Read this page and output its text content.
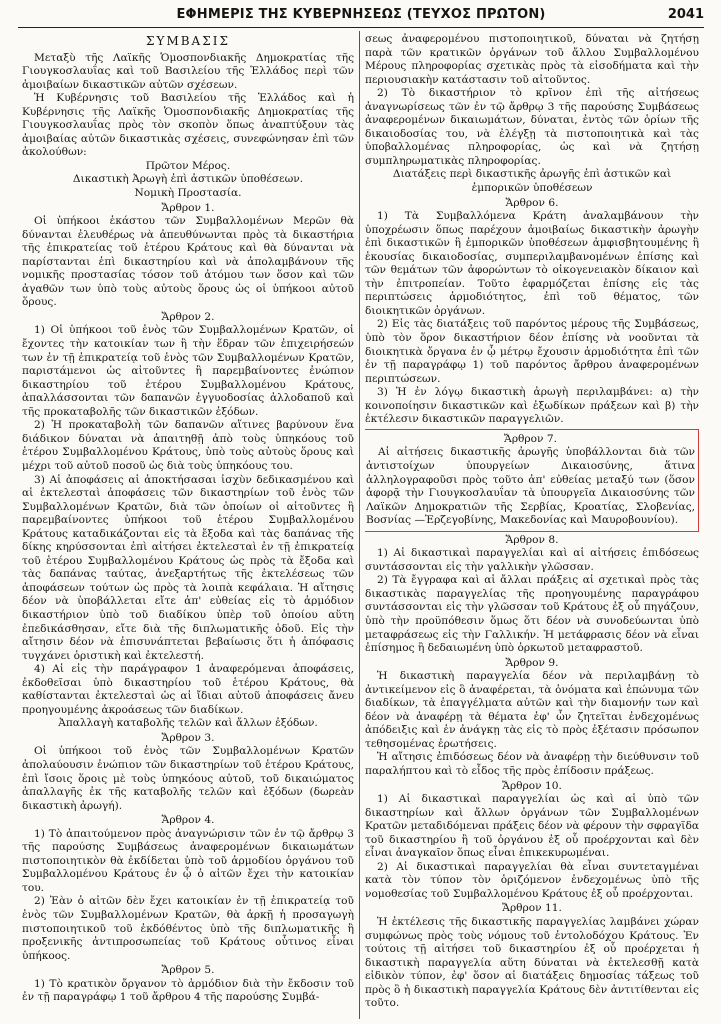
ΕΦΗΜΕΡΙΣ ΤΗΣ ΚΥΒΕΡΝΗΣΕΩΣ (ΤΕΥΧΟΣ ΠΡΩΤΟΝ)	2041
ΣΥΜΒΑΣΙΣ

Μεταξὺ τῆς Λαϊκῆς Ὁμοσπονδιακῆς Δημοκρατίας τῆς Γιουγκοσλαυΐας καὶ τοῦ Βασιλείου τῆς Ἑλλάδος περὶ τῶν ἀμοιβαίων δικαστικῶν αὐτῶν σχέσεων.

Ἡ Κυβέρνησις τοῦ Βασιλείου τῆς Ἑλλάδος καὶ ἡ Κυβέρνησις τῆς Λαϊκῆς Ὁμοσπονδιακῆς Δημοκρατίας τῆς Γιουγκοσλαυΐας πρὸς τὸν σκοπὸν ὅπως ἀναπτύξουν τὰς ἀμοιβαίας αὐτῶν δικαστικὰς σχέσεις, συνεφώνησαν ἐπὶ τῶν ἀκολούθων:

Πρῶτον Μέρος.
Δικαστικὴ Ἀρωγὴ ἐπὶ ἀστικῶν ὑποθέσεων.
Νομικὴ Προστασία.
Ἄρθρον 1.

Οἱ ὑπήκοοι ἑκάστου τῶν Συμβαλλομένων Μερῶν θὰ δύνανται ἐλευθέρως νὰ ἀπευθύνωνται πρὸς τὰ δικαστήρια τῆς ἐπικρατείας τοῦ ἑτέρου Κράτους καὶ θὰ δύνανται νὰ παρίστανται ἐπὶ δικαστηρίου καὶ νὰ ἀπολαμβάνουν τῆς νομικῆς προστασίας τόσον τοῦ ἀτόμου των ὅσον καὶ τῶν ἀγαθῶν των ὑπὸ τοὺς αὐτοὺς ὅρους ὡς οἱ ὑπήκοοι αὐτοῦ ὅρους.

Ἄρθρον 2.

1) Οἱ ὑπήκοοι τοῦ ἑνὸς τῶν Συμβαλλομένων Κρατῶν, οἱ ἔχοντες τὴν κατοικίαν των ἢ τὴν ἕδραν τῶν ἐπιχειρήσεών των ἐν τῇ ἐπικρατείᾳ τοῦ ἑνὸς τῶν Συμβαλλομένων Κρατῶν, παριστάμενοι ὡς αἰτοῦντες ἢ παρεμβαίνοντες ἐνώπιον δικαστηρίου τοῦ ἑτέρου Συμβαλλομένου Κράτους, ἀπαλλάσσονται τῶν δαπανῶν ἐγγυοδοσίας ἀλλοδαποῦ καὶ τῆς προκαταβολῆς τῶν δικαστικῶν ἐξόδων.

2) Ἡ προκαταβολὴ τῶν δαπανῶν αἵτινες βαρύνουν ἕνα διάδικον δύναται νὰ ἀπαιτηθῇ ἀπὸ τοὺς ὑπηκόους τοῦ ἑτέρου Συμβαλλομένου Κράτους, ὑπὸ τοὺς αὐτοὺς ὅρους καὶ μέχρι τοῦ αὐτοῦ ποσοῦ ὡς διὰ τοὺς ὑπηκόους του.

3) Αἱ ἀποφάσεις αἱ ἀποκτήσασαι ἰσχὺν δεδικασμένου καὶ αἱ ἐκτελεσταὶ ἀποφάσεις τῶν δικαστηρίων τοῦ ἑνὸς τῶν Συμβαλλομένων Κρατῶν, διὰ τῶν ὁποίων οἱ αἰτοῦντες ἢ παρεμβαίνοντες ὑπήκοοι τοῦ ἑτέρου Συμβαλλομένου Κράτους καταδικάζονται εἰς τὰ ἔξοδα καὶ τὰς δαπάνας τῆς δίκης κηρύσσονται ἐπὶ αἰτήσει ἐκτελεσταὶ ἐν τῇ ἐπικρατείᾳ τοῦ ἑτέρου Συμβαλλομένου Κράτους ὡς πρὸς τὰ ἔξοδα καὶ τὰς δαπάνας ταύτας, ἀνεξαρτήτως τῆς ἐκτελέσεως τῶν ἀποφάσεων τούτων ὡς πρὸς τὰ λοιπὰ κεφάλαια. Ἡ αἴτησις δέον νὰ ὑποβάλλεται εἴτε ἀπ' εὐθείας εἰς τὸ ἁρμόδιον δικαστήριον ὑπὸ τοῦ διαδίκου ὑπὲρ τοῦ ὁποίου αὕτη ἐπεδικάσθησαν, εἴτε διὰ τῆς διπλωματικῆς ὁδοῦ. Εἰς τὴν αἴτησιν δέον νὰ ἐπισυνάπτεται βεβαίωσις ὅτι ἡ ἀπόφασις τυγχάνει ὁριστικὴ καὶ ἐκτελεστή.

4) Αἱ εἰς τὴν παράγραφον 1 ἀναφερόμεναι ἀποφάσεις, ἐκδοθεῖσαι ὑπὸ δικαστηρίου τοῦ ἑτέρου Κράτους, θὰ καθίστανται ἐκτελεσταὶ ὡς αἱ ἴδιαι αὐτοῦ ἀποφάσεις ἄνευ προηγουμένης ἀκροάσεως τῶν διαδίκων.

Ἀπαλλαγὴ καταβολῆς τελῶν καὶ ἄλλων ἐξόδων.
Ἄρθρον 3.

Οἱ ὑπήκοοι τοῦ ἑνὸς τῶν Συμβαλλομένων Κρατῶν ἀπολαύουσιν ἐνώπιον τῶν δικαστηρίων τοῦ ἑτέρου Κράτους, ἐπὶ ἴσοις ὅροις μὲ τοὺς ὑπηκόους αὐτοῦ, τοῦ δικαιώματος ἀπαλλαγῆς ἐκ τῆς καταβολῆς τελῶν καὶ ἐξόδων (δωρεὰν δικαστικὴ ἀρωγή).

Ἄρθρον 4.

1) Τὸ ἀπαιτούμενον πρὸς ἀναγνώρισιν τῶν ἐν τῷ ἄρθρῳ 3 τῆς παρούσης Συμβάσεως ἀναφερομένων δικαιωμάτων πιστοποιητικὸν θὰ ἐκδίδεται ὑπὸ τοῦ ἁρμοδίου ὀργάνου τοῦ Συμβαλλομένου Κράτους ἐν ᾧ ὁ αἰτῶν ἔχει τὴν κατοικίαν του.

2) Ἐὰν ὁ αἰτῶν δὲν ἔχει κατοικίαν ἐν τῇ ἐπικρατείᾳ τοῦ ἑνὸς τῶν Συμβαλλομένων Κρατῶν, θὰ ἀρκῇ ἡ προσαγωγὴ πιστοποιητικοῦ τοῦ ἐκδόθέντος ὑπὸ τῆς διπλωματικῆς ἢ προξενικῆς ἀντιπροσωπείας τοῦ Κράτους οὗτινος εἶναι ὑπήκοος.

Ἄρθρον 5.

1) Τὸ κρατικὸν ὄργανον τὸ ἁρμόδιον διὰ τὴν ἔκδοσιν τοῦ ἐν τῇ παραγράφῳ 1 τοῦ ἄρθρου 4 τῆς παρούσης Συμβά-

σεως ἀναφερομένου πιστοποιητικοῦ, δύναται νὰ ζητήσῃ παρὰ τῶν κρατικῶν ὀργάνων τοῦ ἄλλου Συμβαλλομένου Μέρους πληροφορίας σχετικὰς πρὸς τὰ εἰσοδήματα καὶ τὴν περιουσιακὴν κατάστασιν τοῦ αἰτοῦντος.

2) Τὸ δικαστήριον τὸ κρῖνον ἐπὶ τῆς αἰτήσεως ἀναγνωρίσεως τῶν ἐν τῷ ἄρθρῳ 3 τῆς παρούσης Συμβάσεως ἀναφερομένων δικαιωμάτων, δύναται, ἐντὸς τῶν ὁρίων τῆς δικαιοδοσίας του, νὰ ἐλέγξῃ τὰ πιστοποιητικὰ καὶ τὰς ὑποβαλλομένας πληροφορίας, ὡς καὶ νὰ ζητήσῃ συμπληρωματικὰς πληροφορίας.

Διατάξεις περὶ δικαστικῆς ἀρωγῆς ἐπὶ ἀστικῶν καὶ ἐμπορικῶν ὑποθέσεων
Ἄρθρον 6.

1) Τὰ Συμβαλλόμενα Κράτη ἀναλαμβάνουν τὴν ὑποχρέωσιν ὅπως παρέχουν ἀμοιβαίως δικαστικὴν ἀρωγὴν ἐπὶ δικαστικῶν ἢ ἐμπορικῶν ὑποθέσεων ἀμφισβητουμένης ἢ ἑκουσίας δικαιοδοσίας, συμπεριλαμβανομένων ἐπίσης καὶ τῶν θεμάτων τῶν ἀφορώντων τὸ οἰκογενειακὸν δίκαιον καὶ τὴν ἐπιτροπείαν. Τοῦτο ἐφαρμόζεται ἐπίσης εἰς τὰς περιπτώσεις ἁρμοδιότητος, ἐπὶ τοῦ θέματος, τῶν διοικητικῶν ὀργάνων.

2) Εἰς τὰς διατάξεις τοῦ παρόντος μέρους τῆς Συμβάσεως, ὑπὸ τὸν ὅρον δικαστήριον δέον ἐπίσης νὰ νοοῦνται τὰ διοικητικὰ ὄργανα ἐν ᾧ μέτρῳ ἔχουσιν ἁρμοδιότητα ἐπὶ τῶν ἐν τῇ παραγράφῳ 1) τοῦ παρόντος ἄρθρου ἀναφερομένων περιπτώσεων.

3) Ἡ ἐν λόγῳ δικαστικὴ ἀρωγὴ περιλαμβάνει: α) τὴν κοινοποίησιν δικαστικῶν καὶ ἐξωδίκων πράξεων καὶ β) τὴν ἐκτέλεσιν δικαστικῶν παραγγελιῶν.

Ἄρθρον 7.

Αἱ αἰτήσεις δικαστικῆς ἀρωγῆς ὑποβάλλονται διὰ τῶν ἀντιστοίχων ὑπουργείων Δικαιοσύνης, ἅτινα ἀλληλογραφοῦσι πρὸς τοῦτο ἀπ' εὐθείας μεταξύ των (ὅσον ἀφορᾷ τὴν Γιουγκοσλαυΐαν τὰ ὑπουργεῖα Δικαιοσύνης τῶν Λαϊκῶν Δημοκρατιῶν τῆς Σερβίας, Κροατίας, Σλοβενίας, Βοσνίας —Ἐρζεγοβίνης, Μακεδονίας καὶ Μαυροβουνίου).

Ἄρθρον 8.

1) Αἱ δικαστικαὶ παραγγελίαι καὶ αἱ αἰτήσεις ἐπιδόσεως συντάσσονται εἰς τὴν γαλλικὴν γλῶσσαν.

2) Τὰ ἔγγραφα καὶ αἱ ἄλλαι πράξεις αἱ σχετικαὶ πρὸς τὰς δικαστικὰς παραγγελίας τῆς προηγουμένης παραγράφου συντάσσονται εἰς τὴν γλῶσσαν τοῦ Κράτους ἐξ οὗ πηγάζουν, ὑπὸ τὴν προϋπόθεσιν ὅμως ὅτι δέον νὰ συνοδεύωνται ὑπὸ μεταφράσεως εἰς τὴν Γαλλικήν. Ἡ μετάφρασις δέον νὰ εἶναι ἐπίσημος ἢ δεδαιωμένη ὑπὸ ὁρκωτοῦ μεταφραστοῦ.

Ἄρθρον 9.

Ἡ δικαστικὴ παραγγελία δέον νὰ περιλαμβάνῃ τὸ ἀντικείμενον εἰς ὃ ἀναφέρεται, τὰ ὀνόματα καὶ ἐπώνυμα τῶν διαδίκων, τὰ ἐπαγγέλματα αὐτῶν καὶ τὴν διαμονήν των καὶ δέον νὰ ἀναφέρῃ τὰ θέματα ἐφ' ὧν ζητεῖται ἐνδεχομένως ἀπόδειξις καὶ ἐν ἀνάγκῃ τὰς εἰς τὸ πρὸς ἐξέτασιν πρόσωπον τεθησομένας ἐρωτήσεις.

Ἡ αἴτησις ἐπιδόσεως δέον νὰ ἀναφέρῃ τὴν διεύθυνσιν τοῦ παραλήπτου καὶ τὸ εἶδος τῆς πρὸς ἐπίδοσιν πράξεως.

Ἄρθρον 10.

1) Αἱ δικαστικαὶ παραγγελίαι ὡς καὶ αἱ ὑπὸ τῶν δικαστηρίων καὶ ἄλλων ὀργάνων τῶν Συμβαλλομένων Κρατῶν μεταδιδόμεναι πράξεις δέον νὰ φέρουν τὴν σφραγῖδα τοῦ δικαστηρίου ἢ τοῦ ὀργάνου ἐξ οὗ προέρχονται καὶ δὲν εἶναι ἀναγκαῖον ὅπως εἶναι ἐπικεκυρωμέναι.

2) Αἱ δικαστικαὶ παραγγελίαι θὰ εἶναι συντεταγμέναι κατὰ τὸν τύπον τὸν ὁριζόμενον ἐνδεχομένως ὑπὸ τῆς νομοθεσίας τοῦ Συμβαλλομένου Κράτους ἐξ οὗ προέρχονται.

Ἄρθρον 11.

Ἡ ἐκτέλεσις τῆς δικαστικῆς παραγγελίας λαμβάνει χώραν συμφώνως πρὸς τοὺς νόμους τοῦ ἐντολοδόχου Κράτους. Ἐν τούτοις τῇ αἰτήσει τοῦ δικαστηρίου ἐξ οὗ προέρχεται ἡ δικαστικὴ παραγγελία αὕτη δύναται νὰ ἐκτελεσθῇ κατὰ εἰδικὸν τύπον, ἐφ' ὅσον αἱ διατάξεις δημοσίας τάξεως τοῦ πρὸς ὃ ἡ δικαστικὴ παραγγελία Κράτους δὲν ἀντιτίθενται εἰς τοῦτο.
